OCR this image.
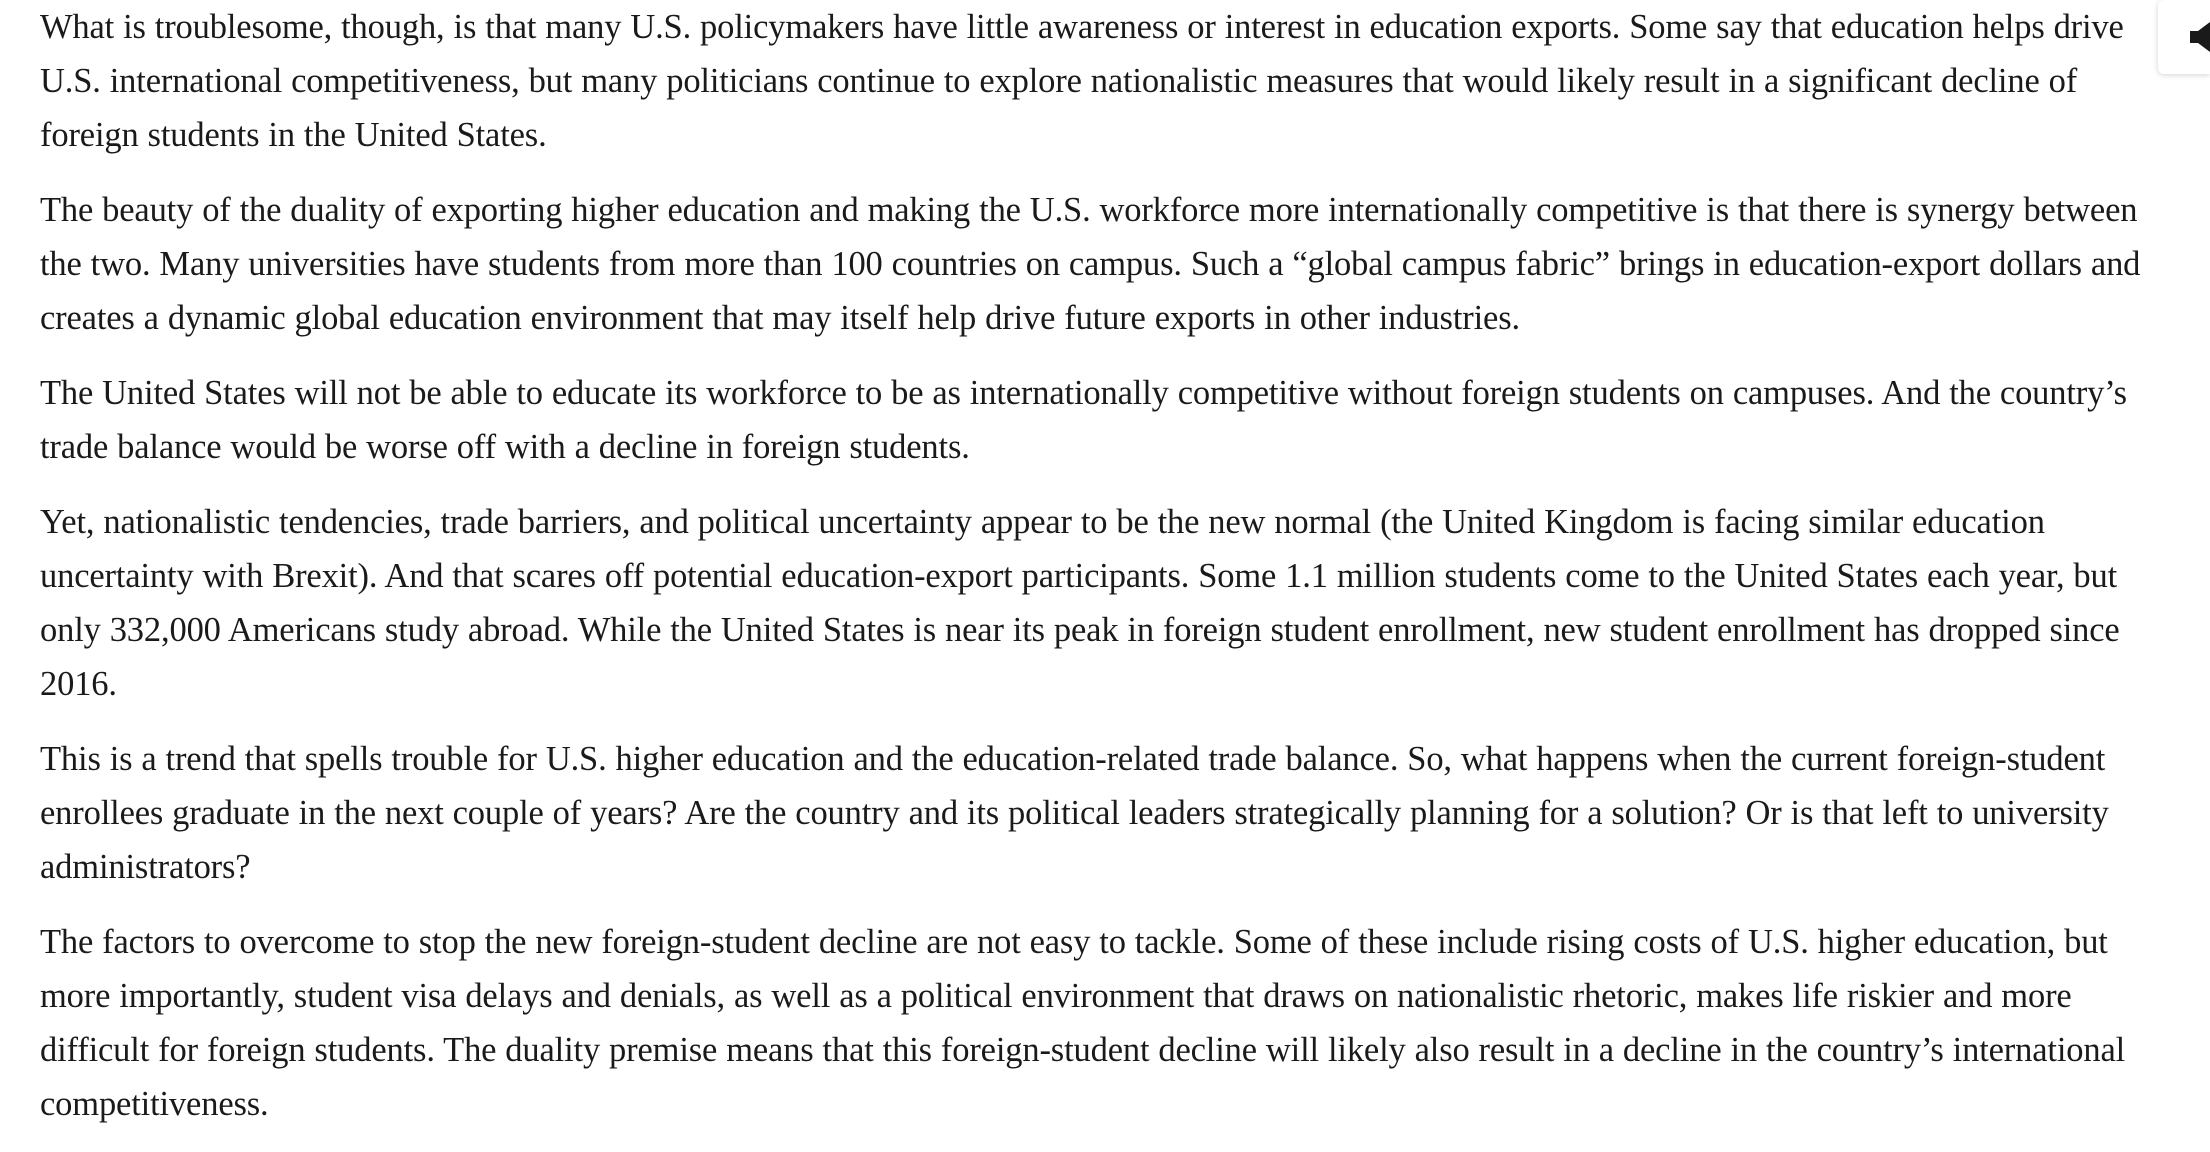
What is troublesome, though, is that many U.S. policymakers have little awareness or interest in education exports. Some say that education helps drive U.S. international competitiveness, but many politicians continue to explore nationalistic measures that would likely result in a significant decline of foreign students in the United States.

The beauty of the duality of exporting higher education and making the U.S. workforce more internationally competitive is that there is synergy between the two. Many universities have students from more than 100 countries on campus. Such a “global campus fabric” brings in education-export dollars and creates a dynamic global education environment that may itself help drive future exports in other industries.

The United States will not be able to educate its workforce to be as internationally competitive without foreign students on campuses. And the country’s trade balance would be worse off with a decline in foreign students.

Yet, nationalistic tendencies, trade barriers, and political uncertainty appear to be the new normal (the United Kingdom is facing similar education uncertainty with Brexit). And that scares off potential education-export participants. Some 1.1 million students come to the United States each year, but only 332,000 Americans study abroad. While the United States is near its peak in foreign student enrollment, new student enrollment has dropped since 2016.

This is a trend that spells trouble for U.S. higher education and the education-related trade balance. So, what happens when the current foreign-student enrollees graduate in the next couple of years? Are the country and its political leaders strategically planning for a solution? Or is that left to university administrators?

The factors to overcome to stop the new foreign-student decline are not easy to tackle. Some of these include rising costs of U.S. higher education, but more importantly, student visa delays and denials, as well as a political environment that draws on nationalistic rhetoric, makes life riskier and more difficult for foreign students. The duality premise means that this foreign-student decline will likely also result in a decline in the country’s international competitiveness.
